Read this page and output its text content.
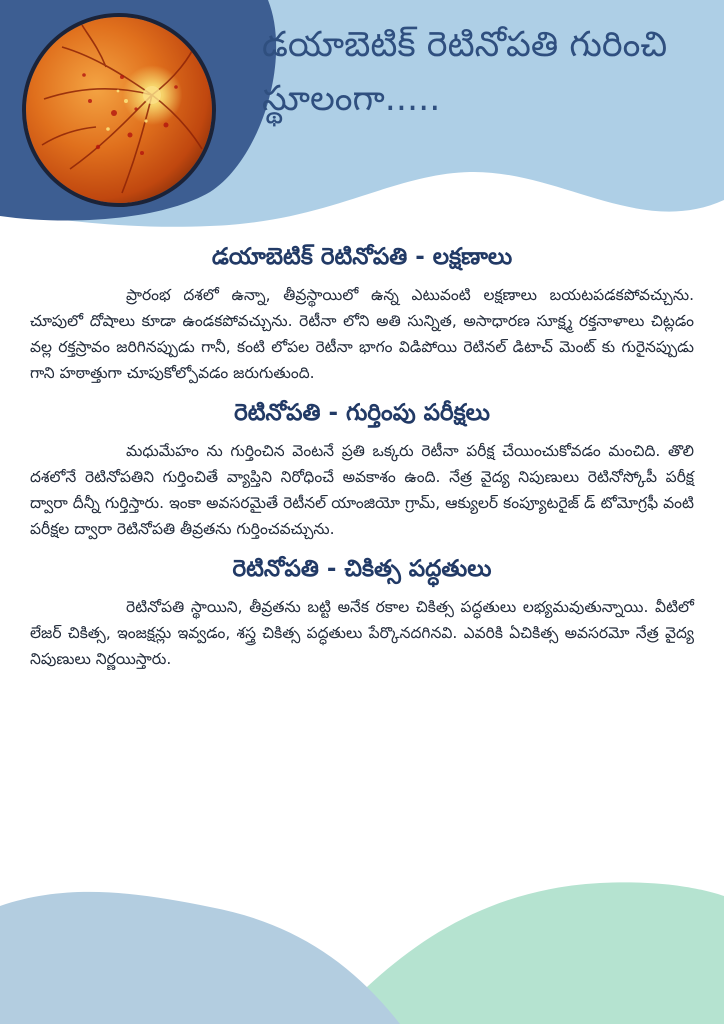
డయాబెటిక్ రెటినోపతి గురించి స్థూలంగా.....
డయాబెటిక్ రెటినోపతి - లక్షణాలు

ప్రారంభ దశలో ఉన్నా, తీవ్రస్థాయిలో ఉన్న ఎటువంటి లక్షణాలు బయటపడకపోవచ్చును. చూపులో దోషాలు కూడా ఉండకపోవచ్చును. రెటీనా లోని అతి సున్నిత, అసాధారణ సూక్ష్మ రక్తనాళాలు చిట్లడం వల్ల రక్తస్రావం జరిగినప్పుడు గానీ, కంటి లోపల రెటీనా భాగం విడిపోయి రెటినల్ డిటాచ్ మెంట్ కు గురైనప్పుడు గాని హఠాత్తుగా చూపుకోల్పోవడం జరుగుతుంది.

రెటినోపతి - గుర్తింపు పరీక్షలు

మధుమేహం ను గుర్తించిన వెంటనే ప్రతి ఒక్కరు రెటీనా పరీక్ష చేయించుకోవడం మంచిది. తొలి దశలోనే రెటినోపతిని గుర్తించితే వ్యాప్తిని నిరోధించే అవకాశం ఉంది. నేత్ర వైద్య నిపుణులు రెటినోస్కోపీ పరీక్ష ద్వారా దీన్నీ గుర్తిస్తారు. ఇంకా అవసరమైతే రెటీనల్ యాంజియో గ్రామ్, ఆక్యులర్ కంప్యూటరైజ్ డ్ టోమోగ్రఫీ వంటి పరీక్షల ద్వారా రెటినోపతి తీవ్రతను గుర్తించవచ్చును.

రెటినోపతి - చికిత్స పద్ధతులు

రెటినోపతి స్థాయిని, తీవ్రతను బట్టి అనేక రకాల చికిత్స పద్ధతులు లభ్యమవుతున్నాయి. వీటిలో లేజర్ చికిత్స, ఇంజక్షన్లు ఇవ్వడం, శస్త్ర చికిత్స పద్ధతులు పేర్కొనదగినవి. ఎవరికి ఏచికిత్స అవసరమో నేత్ర వైద్య నిపుణులు నిర్ణయిస్తారు.
